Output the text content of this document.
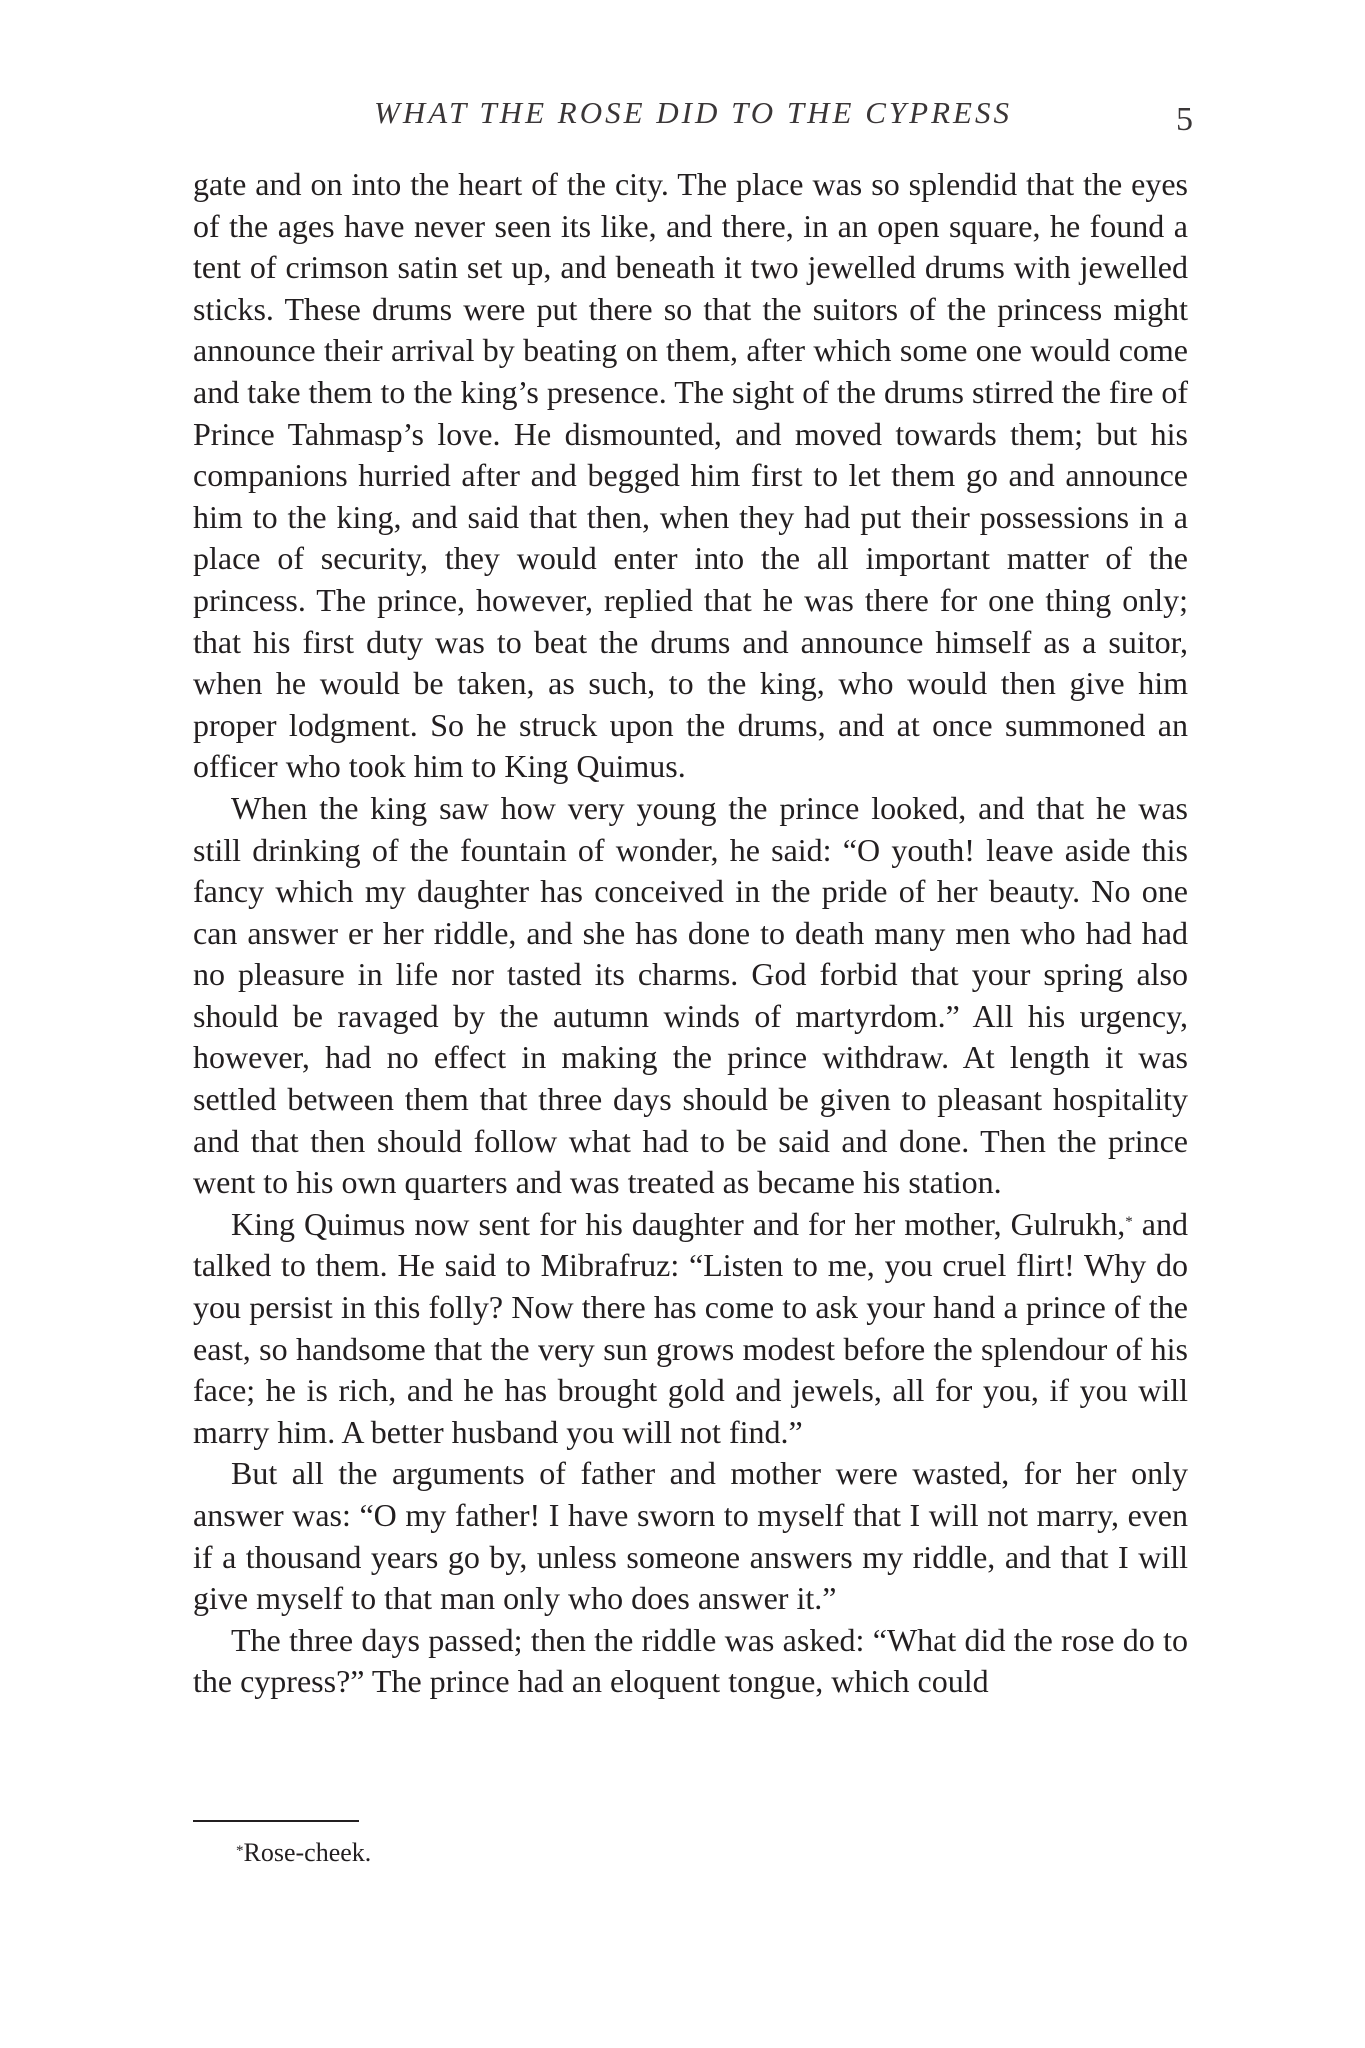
WHAT THE ROSE DID TO THE CYPRESS	5

gate and on into the heart of the city. The place was so splendid that the eyes of the ages have never seen its like, and there, in an open square, he found a tent of crimson satin set up, and beneath it two jewelled drums with jewelled sticks. These drums were put there so that the suitors of the princess might announce their arrival by beating on them, after which some one would come and take them to the king’s presence. The sight of the drums stirred the fire of Prince Tahmasp’s love. He dismounted, and moved towards them; but his companions hurried after and begged him first to let them go and announce him to the king, and said that then, when they had put their possessions in a place of security, they would enter into the all important matter of the princess. The prince, however, replied that he was there for one thing only; that his first duty was to beat the drums and announce himself as a suitor, when he would be taken, as such, to the king, who would then give him proper lodgment. So he struck upon the drums, and at once summoned an officer who took him to King Quimus.

When the king saw how very young the prince looked, and that he was still drinking of the fountain of wonder, he said: “O youth! leave aside this fancy which my daughter has conceived in the pride of her beauty. No one can answer er her riddle, and she has done to death many men who had had no pleasure in life nor tasted its charms. God forbid that your spring also should be ravaged by the autumn winds of martyrdom.” All his urgency, however, had no effect in making the prince withdraw. At length it was settled between them that three days should be given to pleasant hospitality and that then should follow what had to be said and done. Then the prince went to his own quarters and was treated as became his station.

King Quimus now sent for his daughter and for her mother, Gulrukh,* and talked to them. He said to Mibrafruz: “Listen to me, you cruel flirt! Why do you persist in this folly? Now there has come to ask your hand a prince of the east, so handsome that the very sun grows modest before the splendour of his face; he is rich, and he has brought gold and jewels, all for you, if you will marry him. A better husband you will not find.”

But all the arguments of father and mother were wasted, for her only answer was: “O my father! I have sworn to myself that I will not marry, even if a thousand years go by, unless someone answers my riddle, and that I will give myself to that man only who does answer it.”

The three days passed; then the riddle was asked: “What did the rose do to the cypress?” The prince had an eloquent tongue, which could

*Rose-cheek.
